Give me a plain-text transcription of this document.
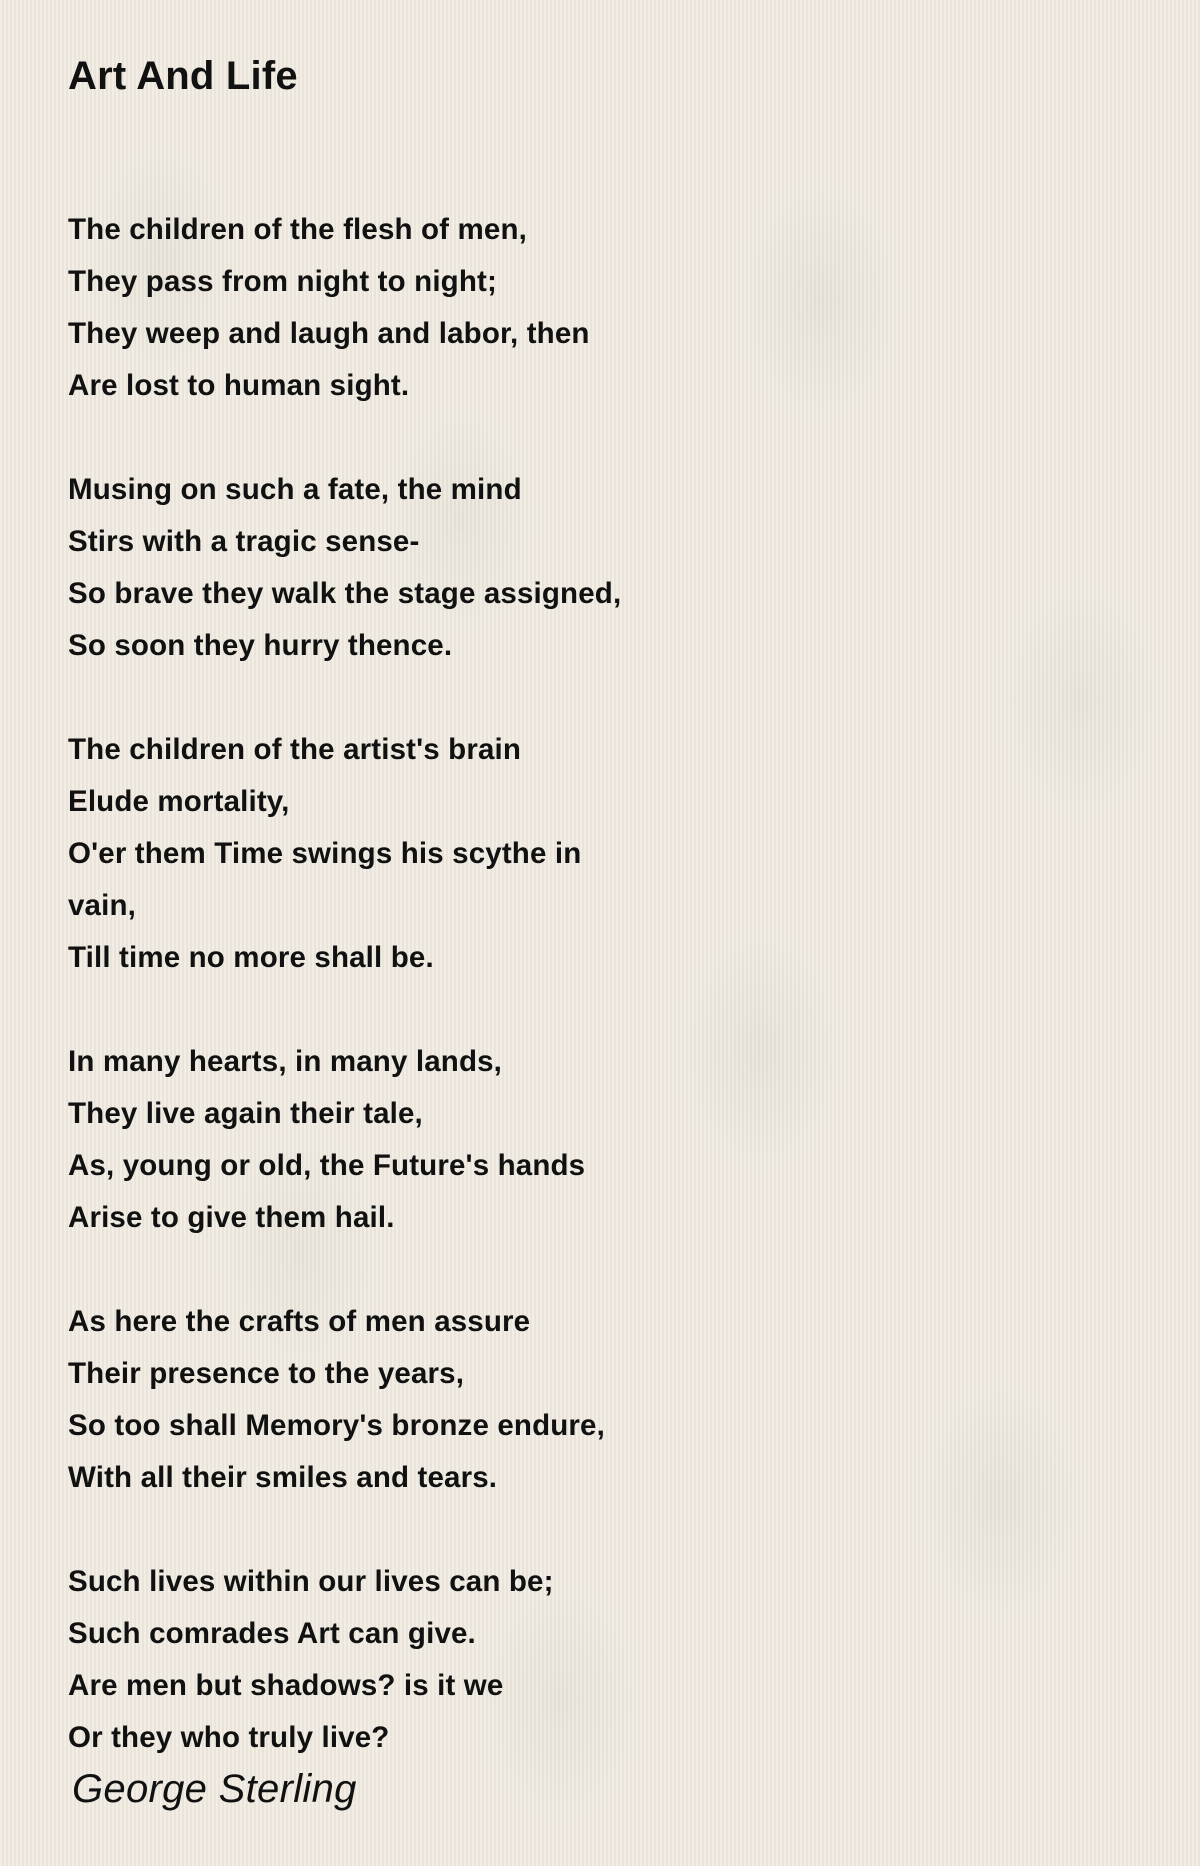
Art And Life
The children of the flesh of men,
They pass from night to night;
They weep and laugh and labor, then
Are lost to human sight.
Musing on such a fate, the mind
Stirs with a tragic sense-
So brave they walk the stage assigned,
So soon they hurry thence.
The children of the artist's brain
Elude mortality,
O'er them Time swings his scythe in
vain,
Till time no more shall be.
In many hearts, in many lands,
They live again their tale,
As, young or old, the Future's hands
Arise to give them hail.
As here the crafts of men assure
Their presence to the years,
So too shall Memory's bronze endure,
With all their smiles and tears.
Such lives within our lives can be;
Such comrades Art can give.
Are men but shadows? is it we
Or they who truly live?
George Sterling
